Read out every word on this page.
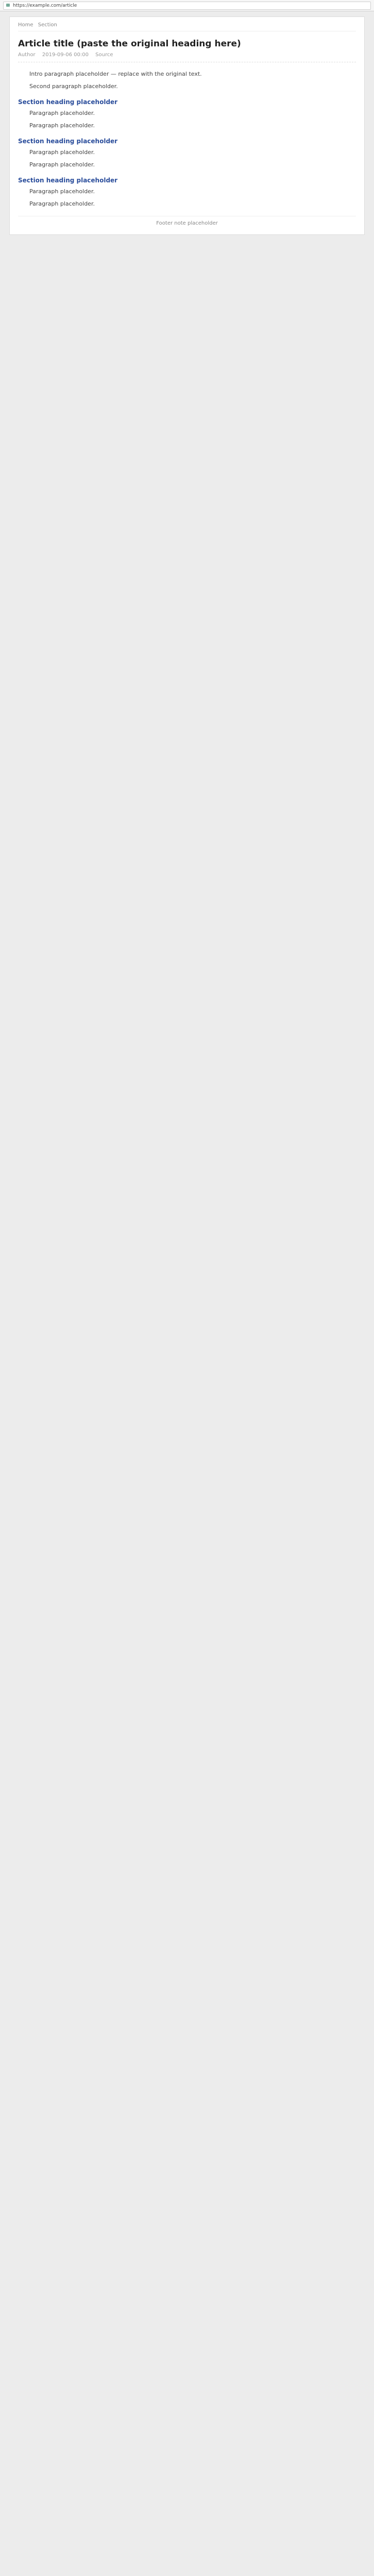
https://example.com/article
Home Section
Article title (paste the original heading here)
Author 2019-09-06 00:00 Source

Intro paragraph placeholder — replace with the original text.

Second paragraph placeholder.

Section heading placeholder

Paragraph placeholder.

Paragraph placeholder.

Section heading placeholder

Paragraph placeholder.

Paragraph placeholder.

Section heading placeholder

Paragraph placeholder.

Paragraph placeholder.

Footer note placeholder
